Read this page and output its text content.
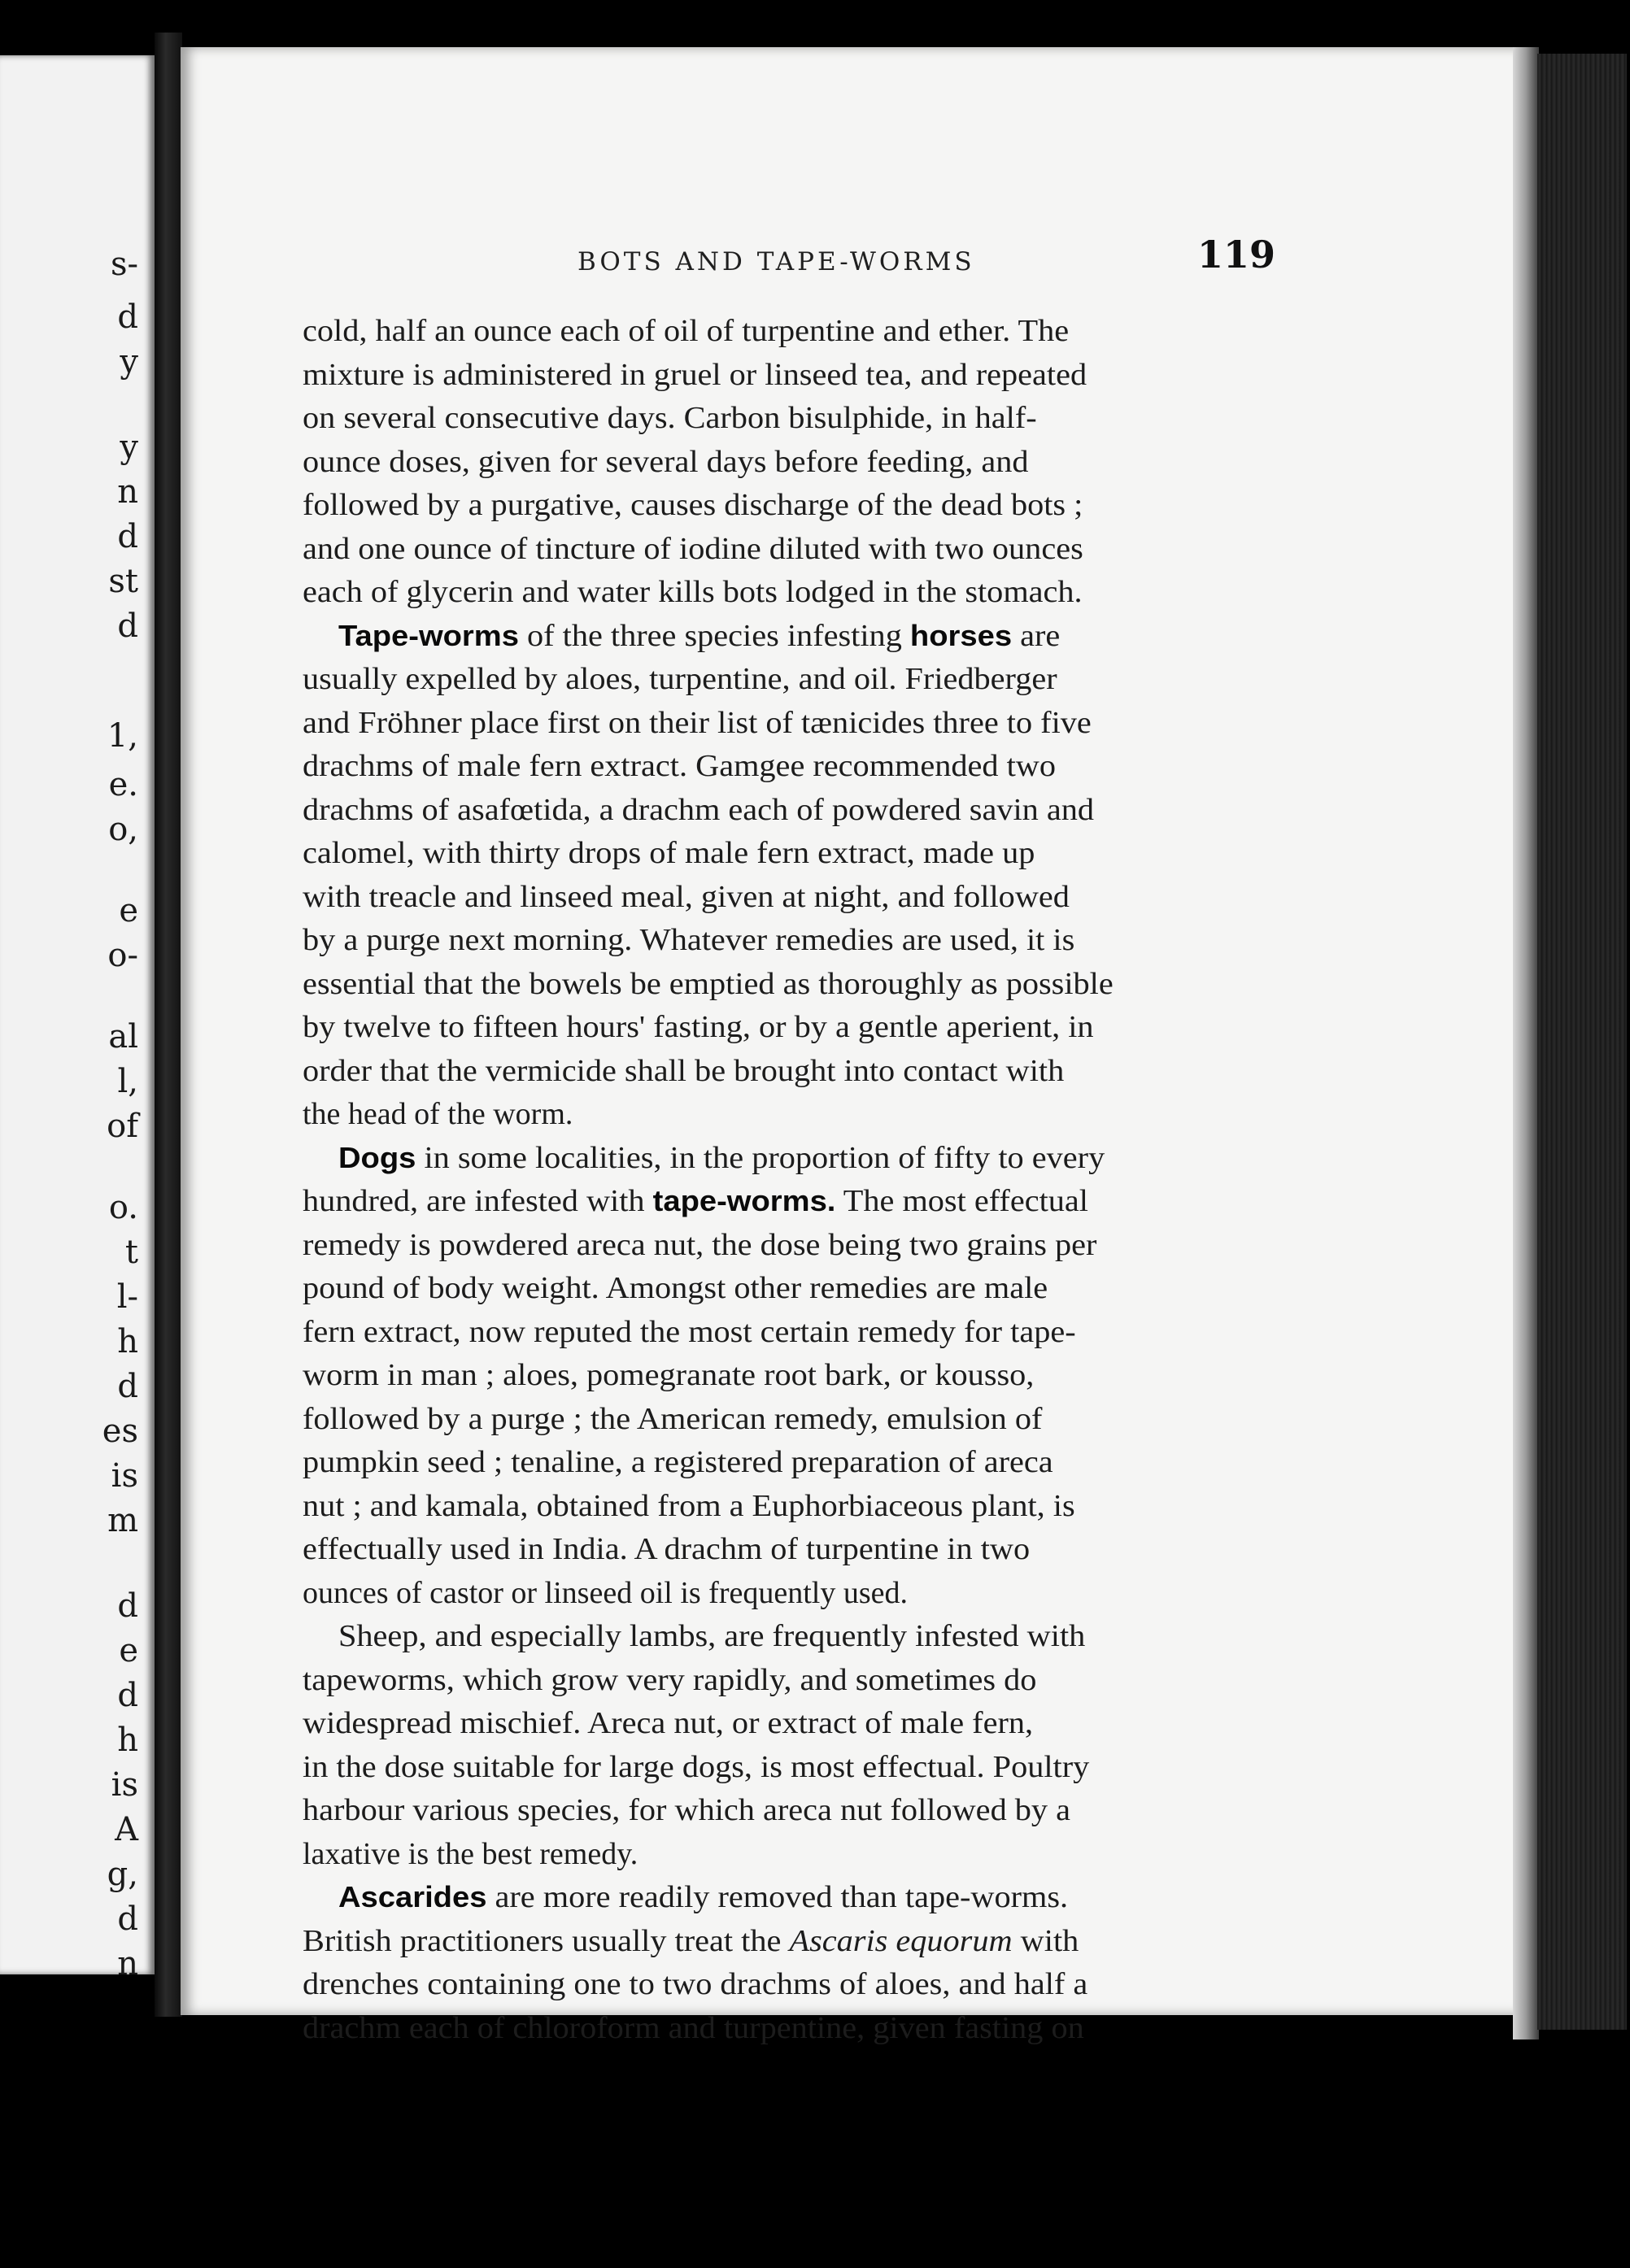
s-
d
y
y
n
d
st
d
1,
e.
o,
e
o-
al
l,
of
o.
t
l-
h
d
es
is
m
d
e
d
h
is
A
g,
d
n
BOTS AND TAPE-WORMS	119
cold, half an ounce each of oil of turpentine and ether. The
mixture is administered in gruel or linseed tea, and repeated
on several consecutive days. Carbon bisulphide, in half-
ounce doses, given for several days before feeding, and
followed by a purgative, causes discharge of the dead bots ;
and one ounce of tincture of iodine diluted with two ounces
each of glycerin and water kills bots lodged in the stomach.
Tape-worms of the three species infesting horses are
usually expelled by aloes, turpentine, and oil. Friedberger
and Fröhner place first on their list of tænicides three to five
drachms of male fern extract. Gamgee recommended two
drachms of asafœtida, a drachm each of powdered savin and
calomel, with thirty drops of male fern extract, made up
with treacle and linseed meal, given at night, and followed
by a purge next morning. Whatever remedies are used, it is
essential that the bowels be emptied as thoroughly as possible
by twelve to fifteen hours' fasting, or by a gentle aperient, in
order that the vermicide shall be brought into contact with
the head of the worm.
Dogs in some localities, in the proportion of fifty to every
hundred, are infested with tape-worms. The most effectual
remedy is powdered areca nut, the dose being two grains per
pound of body weight. Amongst other remedies are male
fern extract, now reputed the most certain remedy for tape-
worm in man ; aloes, pomegranate root bark, or kousso,
followed by a purge ; the American remedy, emulsion of
pumpkin seed ; tenaline, a registered preparation of areca
nut ; and kamala, obtained from a Euphorbiaceous plant, is
effectually used in India. A drachm of turpentine in two
ounces of castor or linseed oil is frequently used.
Sheep, and especially lambs, are frequently infested with
tapeworms, which grow very rapidly, and sometimes do
widespread mischief. Areca nut, or extract of male fern,
in the dose suitable for large dogs, is most effectual. Poultry
harbour various species, for which areca nut followed by a
laxative is the best remedy.
Ascarides are more readily removed than tape-worms.
British practitioners usually treat the Ascaris equorum with
drenches containing one to two drachms of aloes, and half a
drachm each of chloroform and turpentine, given fasting on
